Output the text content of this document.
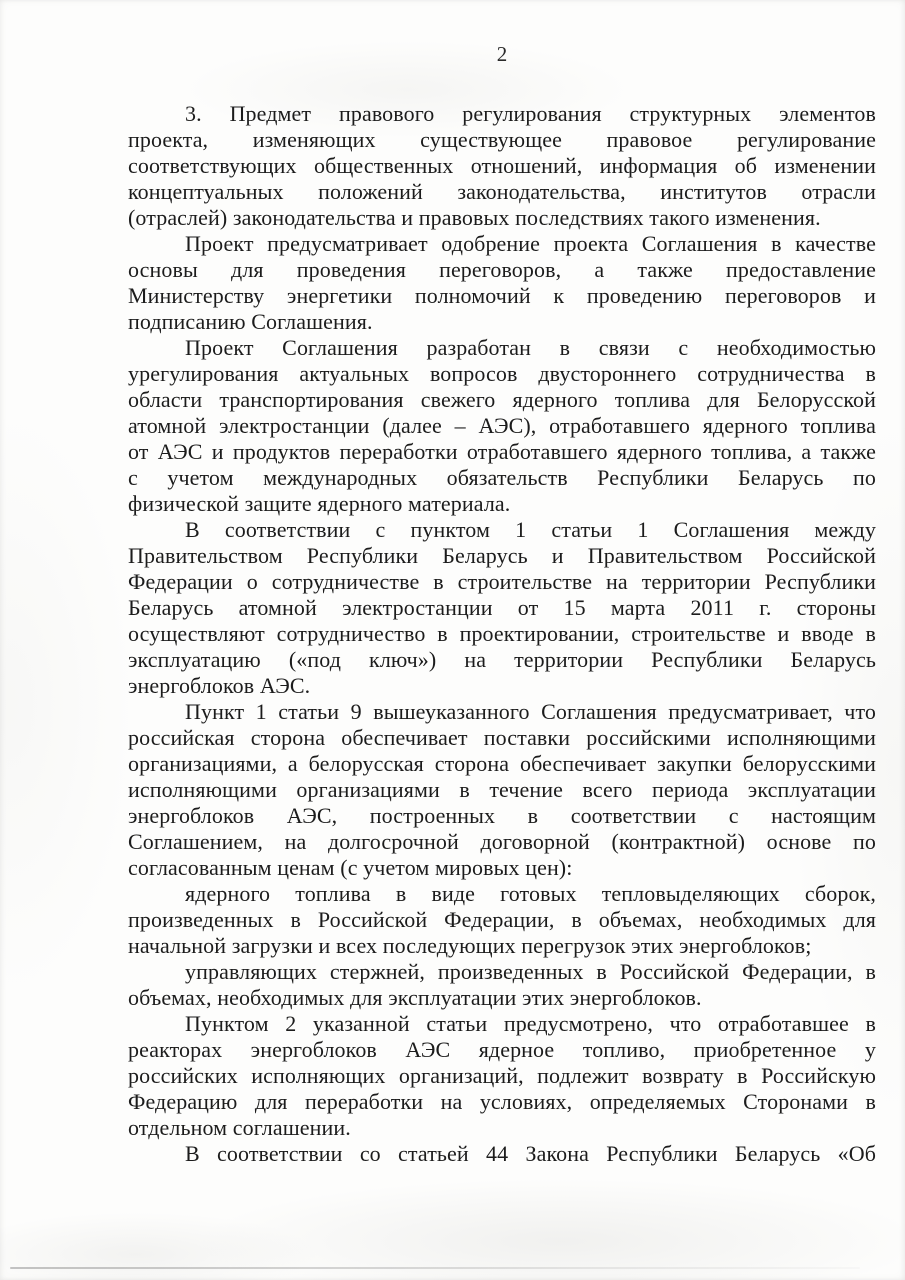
2
3. Предмет правового регулирования структурных элементов
проекта, изменяющих существующее правовое регулирование
соответствующих общественных отношений, информация об изменении
концептуальных положений законодательства, институтов отрасли
(отраслей) законодательства и правовых последствиях такого изменения.
Проект предусматривает одобрение проекта Соглашения в качестве
основы для проведения переговоров, а также предоставление
Министерству энергетики полномочий к проведению переговоров и
подписанию Соглашения.
Проект Соглашения разработан в связи с необходимостью
урегулирования актуальных вопросов двустороннего сотрудничества в
области транспортирования свежего ядерного топлива для Белорусской
атомной электростанции (далее – АЭС), отработавшего ядерного топлива
от АЭС и продуктов переработки отработавшего ядерного топлива, а также
с учетом международных обязательств Республики Беларусь по
физической защите ядерного материала.
В соответствии с пунктом 1 статьи 1 Соглашения между
Правительством Республики Беларусь и Правительством Российской
Федерации о сотрудничестве в строительстве на территории Республики
Беларусь атомной электростанции от 15 марта 2011 г. стороны
осуществляют сотрудничество в проектировании, строительстве и вводе в
эксплуатацию («под ключ») на территории Республики Беларусь
энергоблоков АЭС.
Пункт 1 статьи 9 вышеуказанного Соглашения предусматривает, что
российская сторона обеспечивает поставки российскими исполняющими
организациями, а белорусская сторона обеспечивает закупки белорусскими
исполняющими организациями в течение всего периода эксплуатации
энергоблоков АЭС, построенных в соответствии с настоящим
Соглашением, на долгосрочной договорной (контрактной) основе по
согласованным ценам (с учетом мировых цен):
ядерного топлива в виде готовых тепловыделяющих сборок,
произведенных в Российской Федерации, в объемах, необходимых для
начальной загрузки и всех последующих перегрузок этих энергоблоков;
управляющих стержней, произведенных в Российской Федерации, в
объемах, необходимых для эксплуатации этих энергоблоков.
Пунктом 2 указанной статьи предусмотрено, что отработавшее в
реакторах энергоблоков АЭС ядерное топливо, приобретенное у
российских исполняющих организаций, подлежит возврату в Российскую
Федерацию для переработки на условиях, определяемых Сторонами в
отдельном соглашении.
В соответствии со статьей 44 Закона Республики Беларусь «Об
